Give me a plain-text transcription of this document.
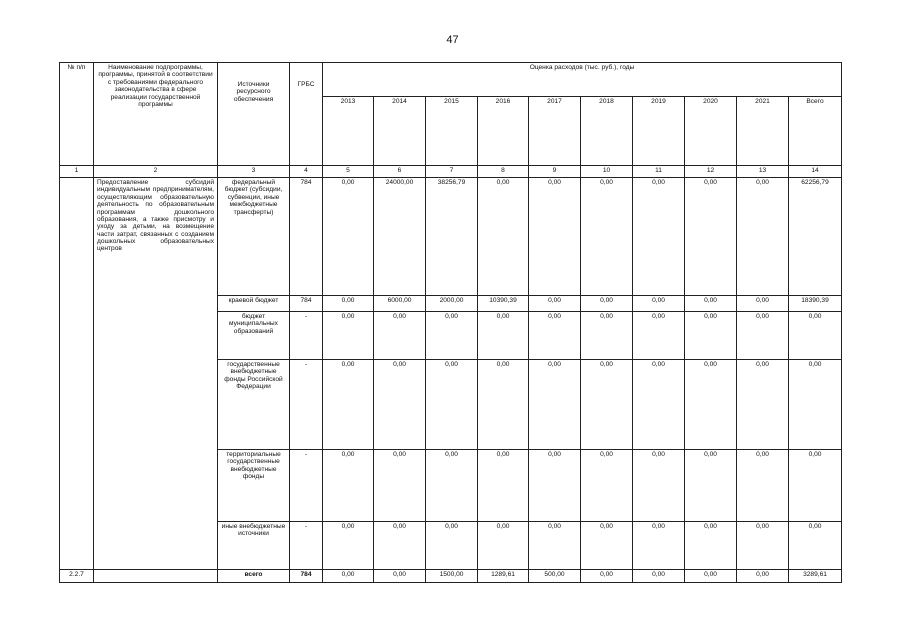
47
№ п/п	Наименование подпрограммы, программы, принятой в соответствии с требованиями федерального законодательства в сфере реализации государственной программы	Источники ресурсного обеспечения	ГРБС	Оценка расходов (тыс. руб.), годы									
				2013	2014	2015	2016	2017	2018	2019	2020	2021	Всего
1	2	3	4	5	6	7	8	9	10	11	12	13	14
	Предоставление субсидий индивидуальным предпринимателям, осуществляющим образовательную деятельность по образовательным программам дошкольного образования, а также присмотру и уходу за детьми, на возмещение части затрат, связанных с созданием дошкольных образовательных центров	федеральный бюджет (субсидии, субвенции, иные межбюджетные трансферты)	784	0,00	24000,00	38256,79	0,00	0,00	0,00	0,00	0,00	0,00	62256,79
		краевой бюджет	784	0,00	6000,00	2000,00	10390,39	0,00	0,00	0,00	0,00	0,00	18390,39
		бюджет муниципальных образований	-	0,00	0,00	0,00	0,00	0,00	0,00	0,00	0,00	0,00	0,00
		государственные внебюджетные фонды Российской Федерации	-	0,00	0,00	0,00	0,00	0,00	0,00	0,00	0,00	0,00	0,00
		территориальные государственные внебюджетные фонды	-	0,00	0,00	0,00	0,00	0,00	0,00	0,00	0,00	0,00	0,00
		иные внебюджетные источники	-	0,00	0,00	0,00	0,00	0,00	0,00	0,00	0,00	0,00	0,00
2.2.7		всего	784	0,00	0,00	1500,00	1289,61	500,00	0,00	0,00	0,00	0,00	3289,61
